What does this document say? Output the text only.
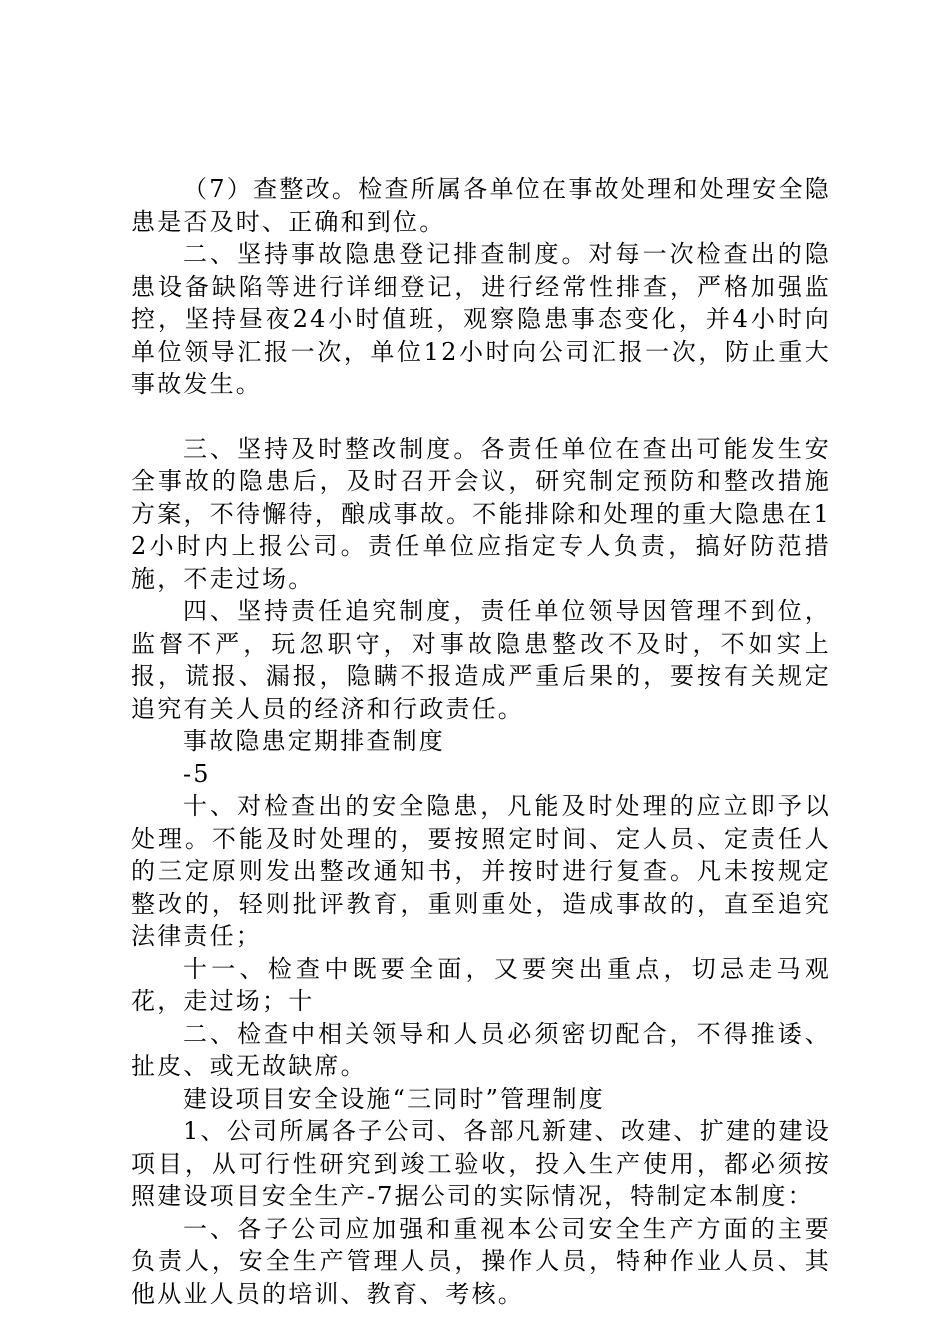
（7）查整改。检查所属各单位在事故处理和处理安全隐患是否及时、正确和到位。

二、坚持事故隐患登记排查制度。对每一次检查出的隐患设备缺陷等进行详细登记，进行经常性排查，严格加强监控，坚持昼夜24小时值班，观察隐患事态变化，并4小时向单位领导汇报一次，单位12小时向公司汇报一次，防止重大事故发生。

三、坚持及时整改制度。各责任单位在查出可能发生安全事故的隐患后，及时召开会议，研究制定预防和整改措施方案，不待懈待，酿成事故。不能排除和处理的重大隐患在12小时内上报公司。责任单位应指定专人负责，搞好防范措施，不走过场。

四、坚持责任追究制度，责任单位领导因管理不到位，监督不严，玩忽职守，对事故隐患整改不及时，不如实上报，谎报、漏报，隐瞒不报造成严重后果的，要按有关规定追究有关人员的经济和行政责任。

事故隐患定期排查制度

-5

十、对检查出的安全隐患，凡能及时处理的应立即予以处理。不能及时处理的，要按照定时间、定人员、定责任人的三定原则发出整改通知书，并按时进行复查。凡未按规定整改的，轻则批评教育，重则重处，造成事故的，直至追究法律责任；

十一、检查中既要全面，又要突出重点，切忌走马观花，走过场；十

二、检查中相关领导和人员必须密切配合，不得推诿、扯皮、或无故缺席。

建设项目安全设施“三同时”管理制度

1、公司所属各子公司、各部凡新建、改建、扩建的建设项目，从可行性研究到竣工验收，投入生产使用，都必须按照建设项目安全生产-7据公司的实际情况，特制定本制度：

一、各子公司应加强和重视本公司安全生产方面的主要负责人，安全生产管理人员，操作人员，特种作业人员、其他从业人员的培训、教育、考核。
